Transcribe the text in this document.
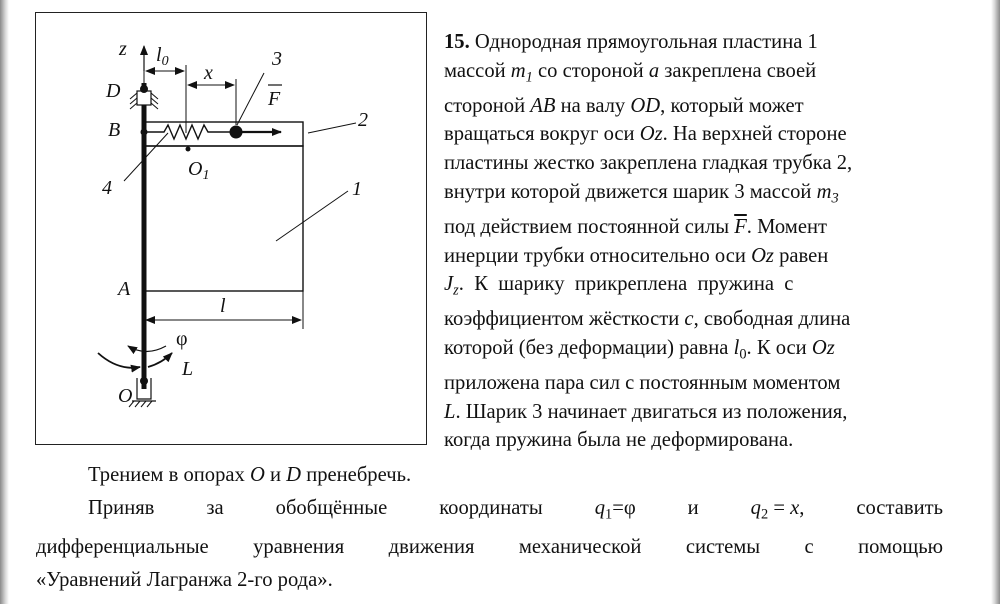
z $l_0$
x
3
F
D
B	2
4
$O_1$
1
A
l
φ
L
O

15. Однородная прямоугольная пластина 1

массой $m_1$ со стороной a закреплена своей

стороной AB на валу OD, который может

вращаться вокруг оси Oz. На верхней стороне

пластины жестко закреплена гладкая трубка 2,

внутри которой движется шарик 3 массой $m_3$

под действием постоянной силы $\overline{F}$. Момент

инерции трубки относительно оси Oz равен

$J_z$.  К  шарику  прикреплена  пружина  с

коэффициентом жёсткости c, свободная длина

которой (без деформации) равна $l_0$. К оси Oz

приложена пара сил с постоянным моментом

L. Шарик 3 начинает двигаться из положения,

когда пружина была не деформирована.

Трением в опорах O и D пренебречь.

Приняв	за	обобщённые	координаты	$q_1=\varphi$	и	$q_2 = x$,	составить

дифференциальные уравнения движения механической системы с помощью

«Уравнений Лагранжа 2-го рода».
